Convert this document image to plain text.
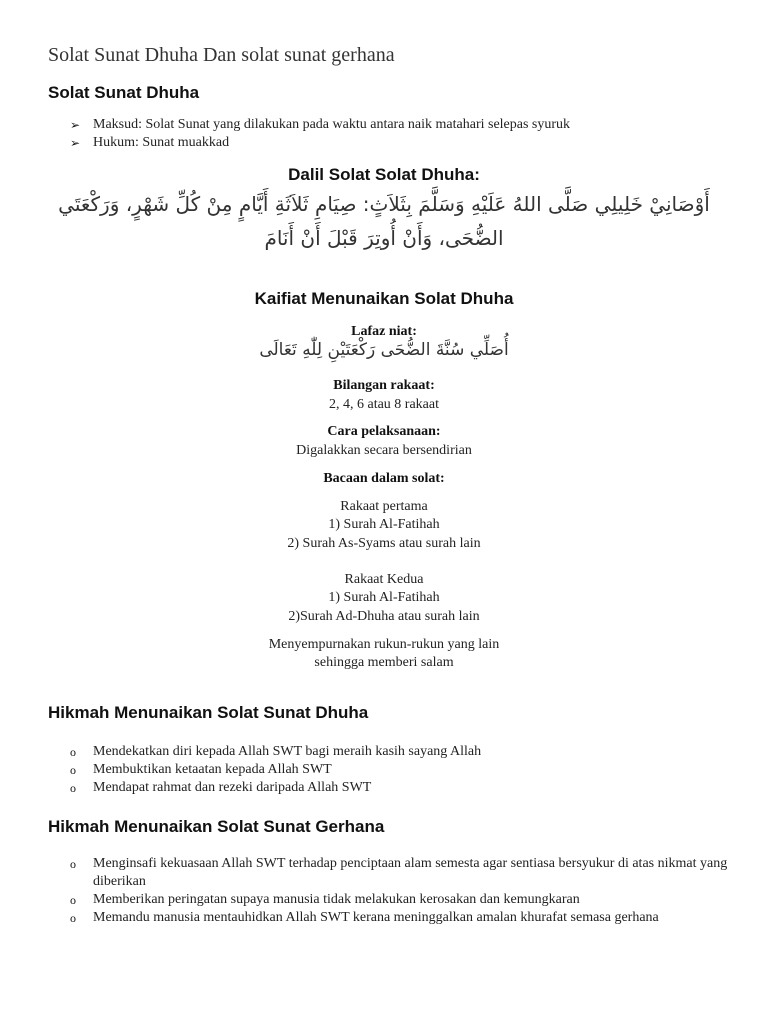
Solat Sunat Dhuha Dan solat sunat gerhana
Solat Sunat Dhuha
➢ Maksud: Solat Sunat yang dilakukan pada waktu antara naik matahari selepas syuruk
➢ Hukum: Sunat muakkad
Dalil Solat Solat Dhuha:
أَوْصَانِيْ خَلِيلِي صَلَّى اللهُ عَلَيْهِ وَسَلَّمَ بِثَلاَثٍ: صِيَامِ ثَلاَثَةِ أَيَّامٍ مِنْ كُلِّ شَهْرٍ، وَرَكْعَتَي
الضُّحَى، وَأَنْ أُوتِرَ قَبْلَ أَنْ أَنَامَ
Kaifiat Menunaikan Solat Dhuha
Lafaz niat:
أُصَلِّي سُنَّةَ الضُّحَى رَكْعَتَيْنِ لِلّٰهِ تَعَالَى
Bilangan rakaat:
2, 4, 6 atau 8 rakaat
Cara pelaksanaan:
Digalakkan secara bersendirian
Bacaan dalam solat:
Rakaat pertama
1) Surah Al-Fatihah
2) Surah As-Syams atau surah lain
Rakaat Kedua
1) Surah Al-Fatihah
2)Surah Ad-Dhuha atau surah lain
Menyempurnakan rukun-rukun yang lain
sehingga memberi salam
Hikmah Menunaikan Solat Sunat Dhuha
o	Mendekatkan diri kepada Allah SWT bagi meraih kasih sayang Allah
o	Membuktikan ketaatan kepada Allah SWT
o	Mendapat rahmat dan rezeki daripada Allah SWT
Hikmah Menunaikan Solat Sunat Gerhana
o	Menginsafi kekuasaan Allah SWT terhadap penciptaan alam semesta agar sentiasa bersyukur di atas nikmat yang diberikan
o	Memberikan peringatan supaya manusia tidak melakukan kerosakan dan kemungkaran
o	Memandu manusia mentauhidkan Allah SWT kerana meninggalkan amalan khurafat semasa gerhana
